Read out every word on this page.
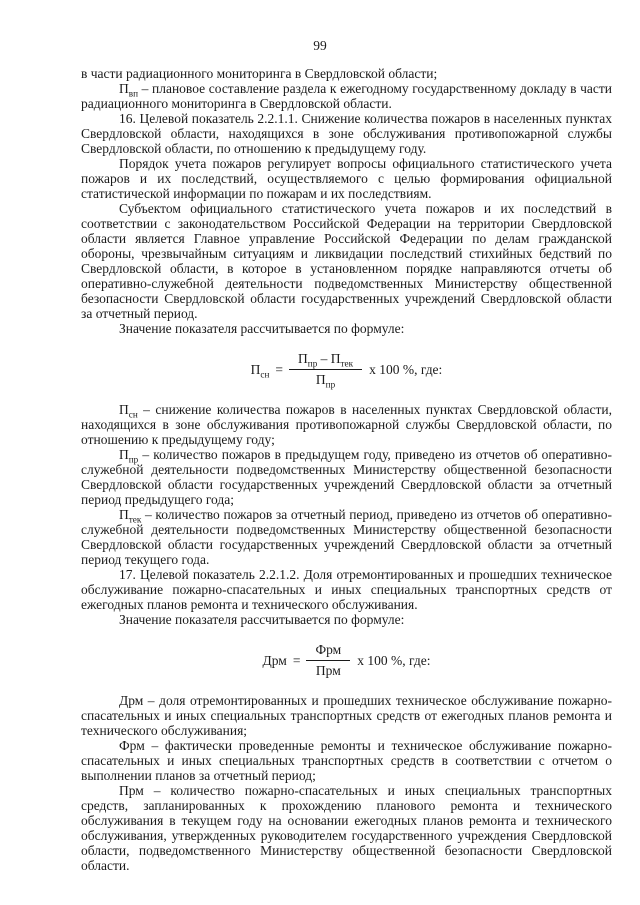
99

в части радиационного мониторинга в Свердловской области;

$П_{вп}$ – плановое составление раздела к ежегодному государственному докладу в части радиационного мониторинга в Свердловской области.

16. Целевой показатель 2.2.1.1. Снижение количества пожаров в населенных пунктах Свердловской области, находящихся в зоне обслуживания противопожарной службы Свердловской области, по отношению к предыдущему году.

Порядок учета пожаров регулирует вопросы официального статистического учета пожаров и их последствий, осуществляемого с целью формирования официальной статистической информации по пожарам и их последствиям.

Субъектом официального статистического учета пожаров и их последствий в соответствии с законодательством Российской Федерации на территории Свердловской области является Главное управление Российской Федерации по делам гражданской обороны, чрезвычайным ситуациям и ликвидации последствий стихийных бедствий по Свердловской области, в которое в установленном порядке направляются отчеты об оперативно-служебной деятельности подведомственных Министерству общественной безопасности Свердловской области государственных учреждений Свердловской области за отчетный период.

Значение показателя рассчитывается по формуле:

$П_{сн} = \frac{П_{пр} - П_{тек}}{П_{пр}}$ х 100 %, где:

$П_{сн}$ – снижение количества пожаров в населенных пунктах Свердловской области, находящихся в зоне обслуживания противопожарной службы Свердловской области, по отношению к предыдущему году;

$П_{пр}$ – количество пожаров в предыдущем году, приведено из отчетов об оперативно-служебной деятельности подведомственных Министерству общественной безопасности Свердловской области государственных учреждений Свердловской области за отчетный период предыдущего года;

$П_{тек}$ – количество пожаров за отчетный период, приведено из отчетов об оперативно-служебной деятельности подведомственных Министерству общественной безопасности Свердловской области государственных учреждений Свердловской области за отчетный период текущего года.

17. Целевой показатель 2.2.1.2. Доля отремонтированных и прошедших техническое обслуживание пожарно-спасательных и иных специальных транспортных средств от ежегодных планов ремонта и технического обслуживания.

Значение показателя рассчитывается по формуле:

Дрм = $\frac{\text{Фрм}}{\text{Прм}}$ х 100 %, где:

Дрм – доля отремонтированных и прошедших техническое обслуживание пожарно-спасательных и иных специальных транспортных средств от ежегодных планов ремонта и технического обслуживания;

Фрм – фактически проведенные ремонты и техническое обслуживание пожарно-спасательных и иных специальных транспортных средств в соответствии с отчетом о выполнении планов за отчетный период;

Прм – количество пожарно-спасательных и иных специальных транспортных средств, запланированных к прохождению планового ремонта и технического обслуживания в текущем году на основании ежегодных планов ремонта и технического обслуживания, утвержденных руководителем государственного учреждения Свердловской области, подведомственного Министерству общественной безопасности Свердловской области.
